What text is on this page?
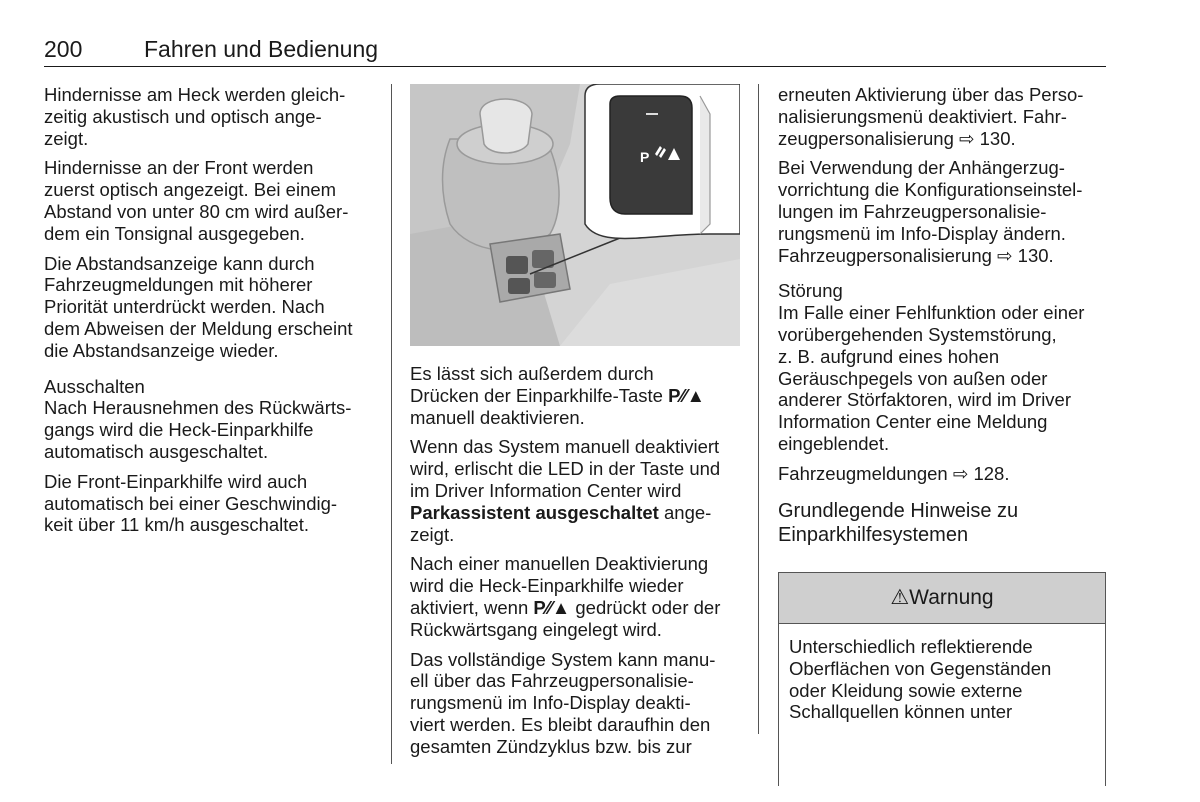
200	Fahren und Bedienung

Hindernisse am Heck werden gleich-
zeitig akustisch und optisch ange-
zeigt.

Hindernisse an der Front werden
zuerst optisch angezeigt. Bei einem
Abstand von unter 80 cm wird außer-
dem ein Tonsignal ausgegeben.

Die Abstandsanzeige kann durch
Fahrzeugmeldungen mit höherer
Priorität unterdrückt werden. Nach
dem Abweisen der Meldung erscheint
die Abstandsanzeige wieder.

Ausschalten

Nach Herausnehmen des Rückwärts-
gangs wird die Heck-Einparkhilfe
automatisch ausgeschaltet.

Die Front-Einparkhilfe wird auch
automatisch bei einer Geschwindig-
keit über 11 km/h ausgeschaltet.

P

Es lässt sich außerdem durch
Drücken der Einparkhilfe-Taste P⁄⁄▲
manuell deaktivieren.

Wenn das System manuell deaktiviert
wird, erlischt die LED in der Taste und
im Driver Information Center wird
Parkassistent ausgeschaltet ange-
zeigt.

Nach einer manuellen Deaktivierung
wird die Heck-Einparkhilfe wieder
aktiviert, wenn P⁄⁄▲ gedrückt oder der
Rückwärtsgang eingelegt wird.

Das vollständige System kann manu-
ell über das Fahrzeugpersonalisie-
rungsmenü im Info-Display deakti-
viert werden. Es bleibt daraufhin den
gesamten Zündzyklus bzw. bis zur

erneuten Aktivierung über das Perso-
nalisierungsmenü deaktiviert. Fahr-
zeugpersonalisierung ⇨ 130.

Bei Verwendung der Anhängerzug-
vorrichtung die Konfigurationseinstel-
lungen im Fahrzeugpersonalisie-
rungsmenü im Info-Display ändern.
Fahrzeugpersonalisierung ⇨ 130.

Störung

Im Falle einer Fehlfunktion oder einer
vorübergehenden Systemstörung,
z. B. aufgrund eines hohen
Geräuschpegels von außen oder
anderer Störfaktoren, wird im Driver
Information Center eine Meldung
eingeblendet.

Fahrzeugmeldungen ⇨ 128.

Grundlegende Hinweise zu
Einparkhilfesystemen
⚠Warnung
Unterschiedlich reflektierende
Oberflächen von Gegenständen
oder Kleidung sowie externe
Schallquellen können unter
